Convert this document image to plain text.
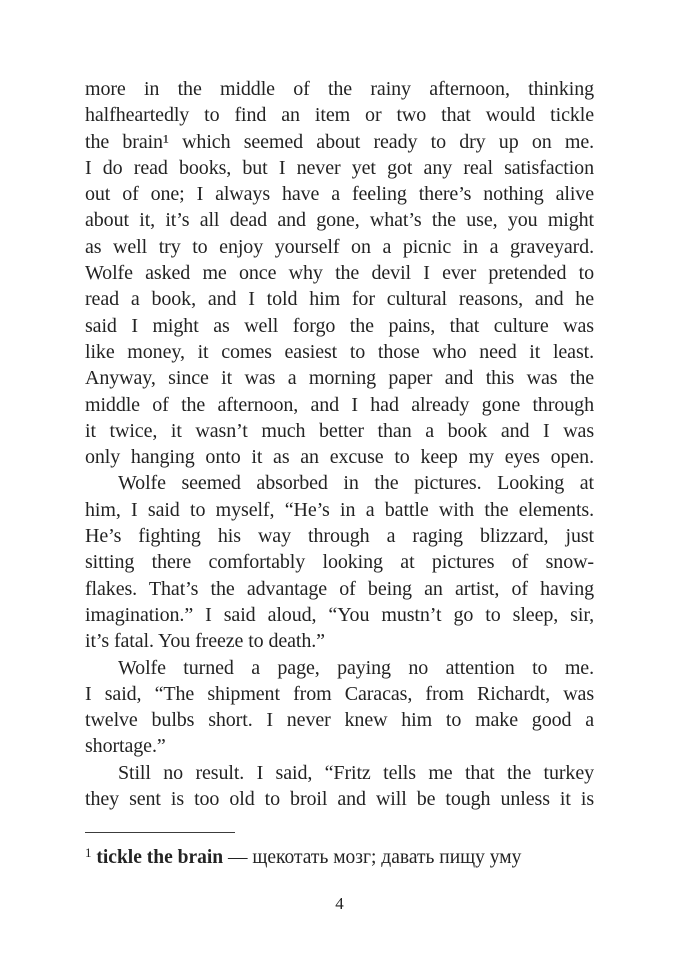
more in the middle of the rainy afternoon, thinking
halfheartedly to find an item or two that would tickle
the brain¹ which seemed about ready to dry up on me.
I do read books, but I never yet got any real satisfaction
out of one; I always have a feeling there’s nothing alive
about it, it’s all dead and gone, what’s the use, you might
as well try to enjoy yourself on a picnic in a graveyard.
Wolfe asked me once why the devil I ever pretended to
read a book, and I told him for cultural reasons, and he
said I might as well forgo the pains, that culture was
like money, it comes easiest to those who need it least.
Anyway, since it was a morning paper and this was the
middle of the afternoon, and I had already gone through
it twice, it wasn’t much better than a book and I was
only hanging onto it as an excuse to keep my eyes open.
Wolfe seemed absorbed in the pictures. Looking at
him, I said to myself, “He’s in a battle with the elements.
He’s fighting his way through a raging blizzard, just
sitting there comfortably looking at pictures of snow-
flakes. That’s the advantage of being an artist, of having
imagination.” I said aloud, “You mustn’t go to sleep, sir,
it’s fatal. You freeze to death.”
Wolfe turned a page, paying no attention to me.
I said, “The shipment from Caracas, from Richardt, was
twelve bulbs short. I never knew him to make good a
shortage.”
Still no result. I said, “Fritz tells me that the turkey
they sent is too old to broil and will be tough unless it is
$^1$ tickle the brain — щекотать мозг; давать пищу уму
4
